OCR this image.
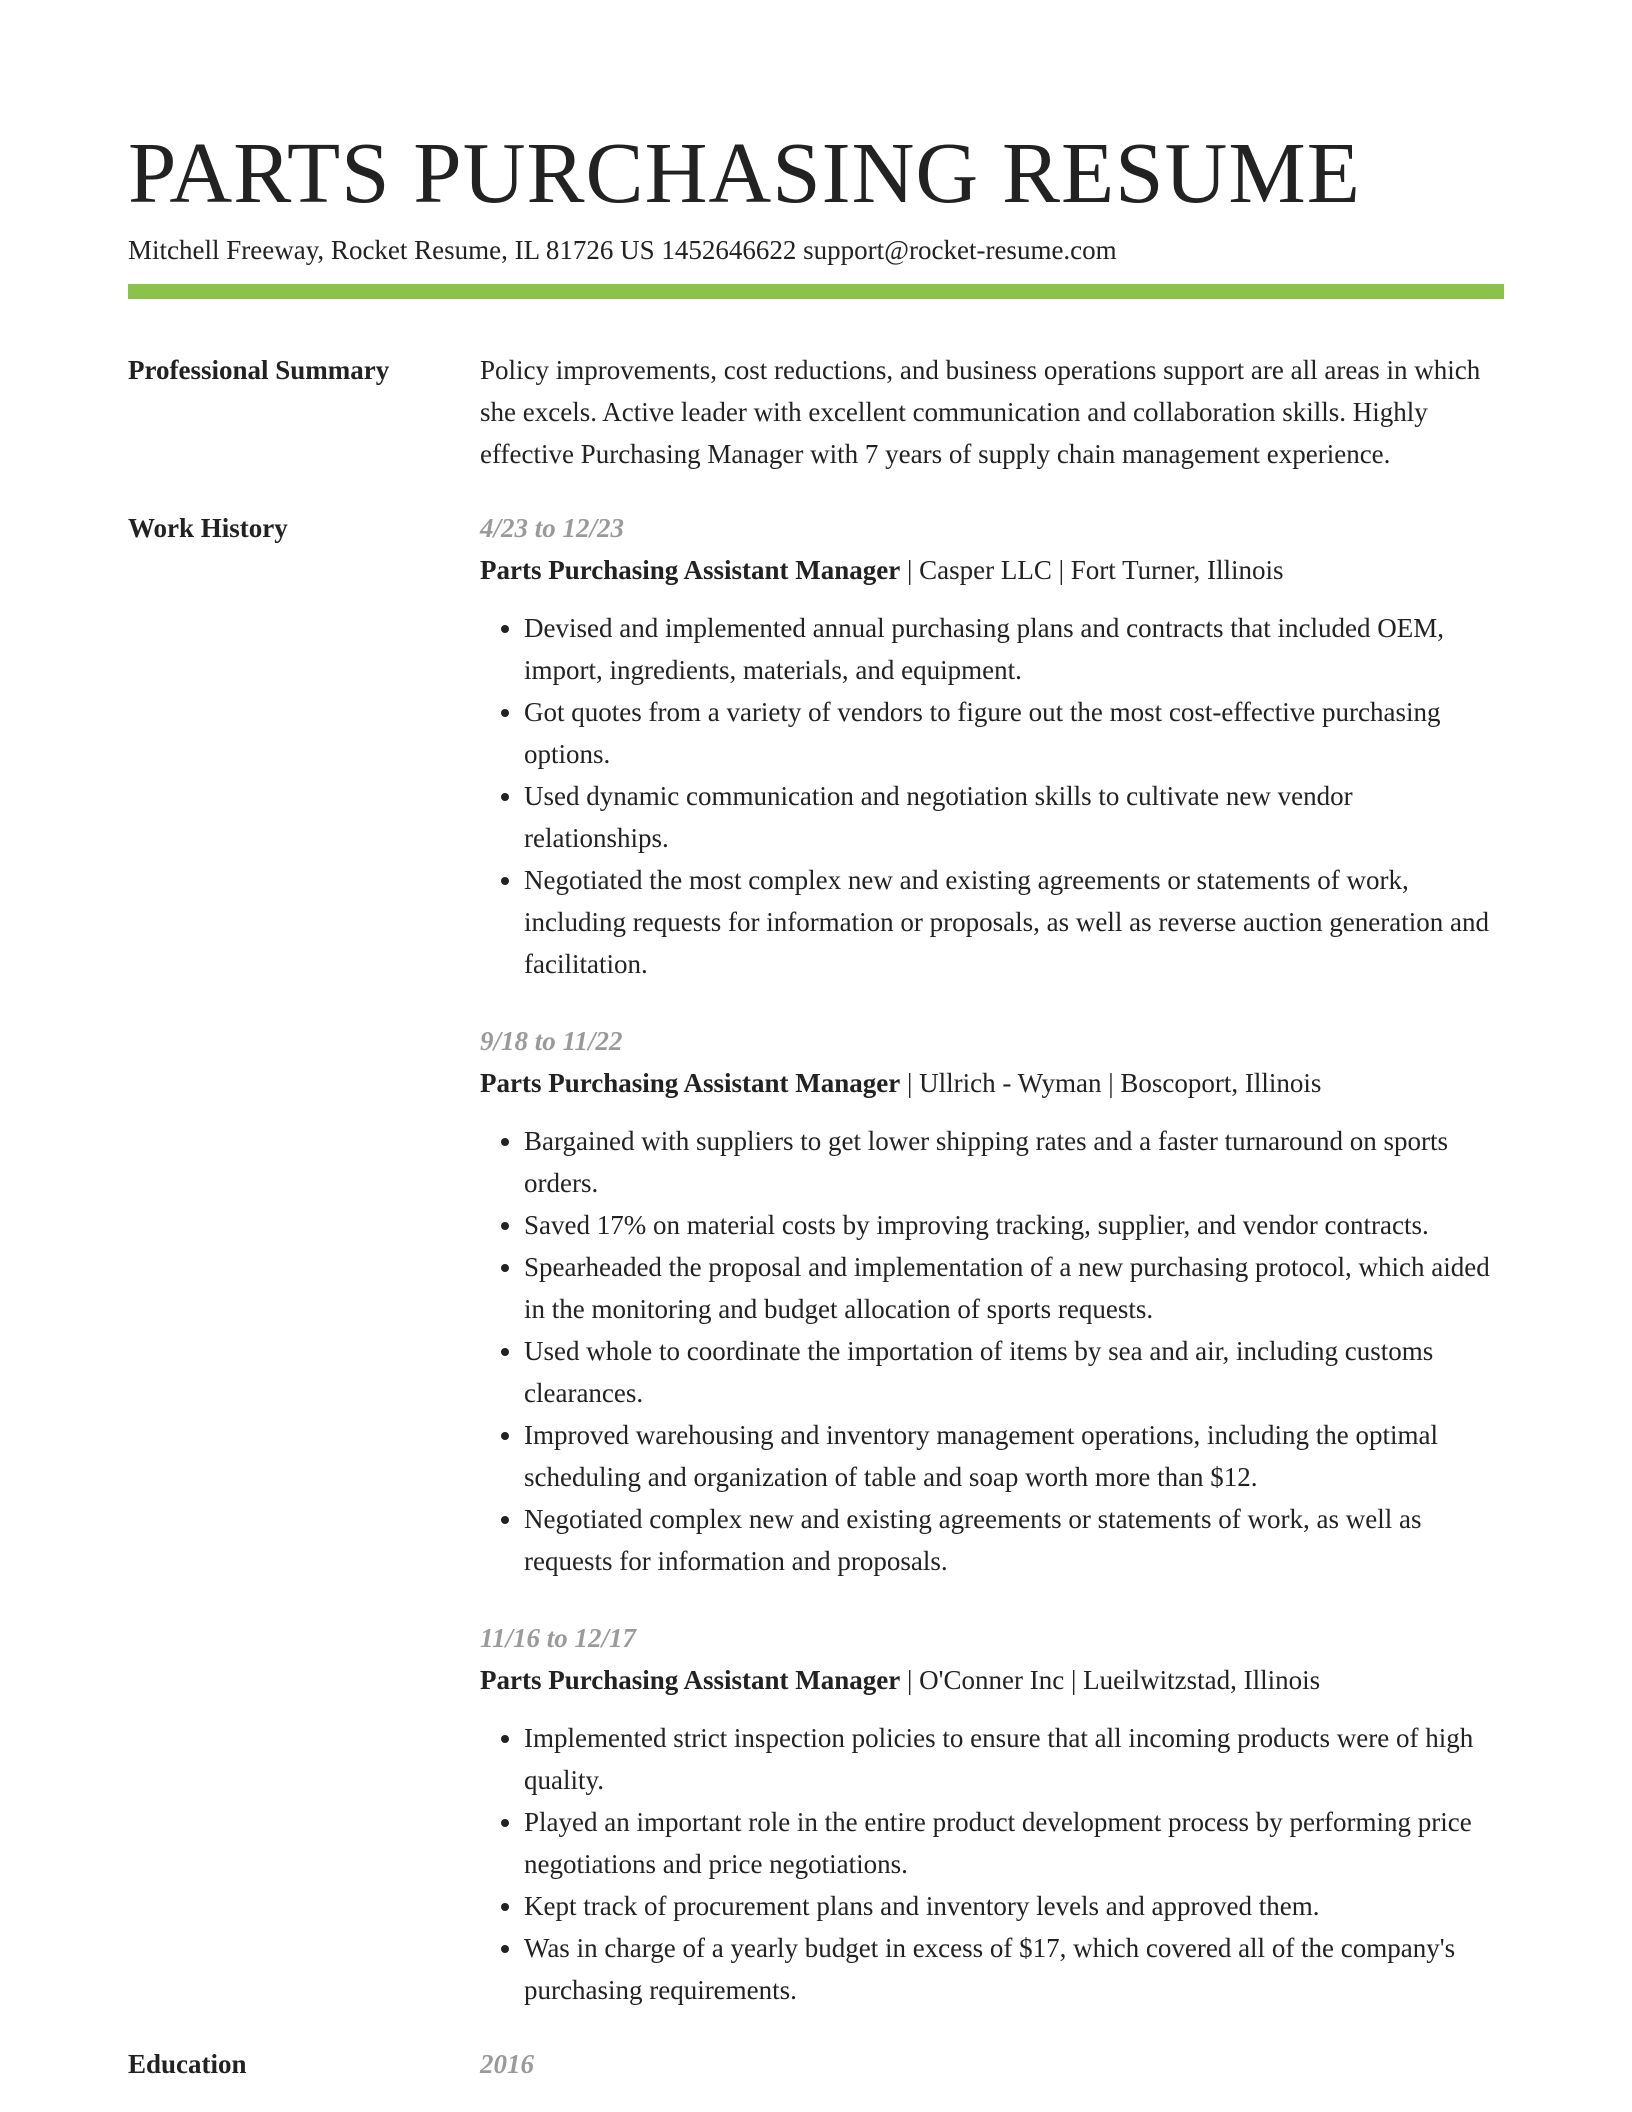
PARTS PURCHASING RESUME
Mitchell Freeway, Rocket Resume, IL 81726 US 1452646622 support@rocket-resume.com
Professional Summary	Policy improvements, cost reductions, and business operations support are all areas in which she excels. Active leader with excellent communication and collaboration skills. Highly effective Purchasing Manager with 7 years of supply chain management experience.
Work History	4/23 to 12/23
Parts Purchasing Assistant Manager | Casper LLC | Fort Turner, Illinois
• Devised and implemented annual purchasing plans and contracts that included OEM, import, ingredients, materials, and equipment.
• Got quotes from a variety of vendors to figure out the most cost-effective purchasing options.
• Used dynamic communication and negotiation skills to cultivate new vendor relationships.
• Negotiated the most complex new and existing agreements or statements of work, including requests for information or proposals, as well as reverse auction generation and facilitation.
9/18 to 11/22
Parts Purchasing Assistant Manager | Ullrich - Wyman | Boscoport, Illinois
• Bargained with suppliers to get lower shipping rates and a faster turnaround on sports orders.
• Saved 17% on material costs by improving tracking, supplier, and vendor contracts.
• Spearheaded the proposal and implementation of a new purchasing protocol, which aided in the monitoring and budget allocation of sports requests.
• Used whole to coordinate the importation of items by sea and air, including customs clearances.
• Improved warehousing and inventory management operations, including the optimal scheduling and organization of table and soap worth more than $12.
• Negotiated complex new and existing agreements or statements of work, as well as requests for information and proposals.
11/16 to 12/17
Parts Purchasing Assistant Manager | O'Conner Inc | Lueilwitzstad, Illinois
• Implemented strict inspection policies to ensure that all incoming products were of high quality.
• Played an important role in the entire product development process by performing price negotiations and price negotiations.
• Kept track of procurement plans and inventory levels and approved them.
• Was in charge of a yearly budget in excess of $17, which covered all of the company's purchasing requirements.
Education	2016
